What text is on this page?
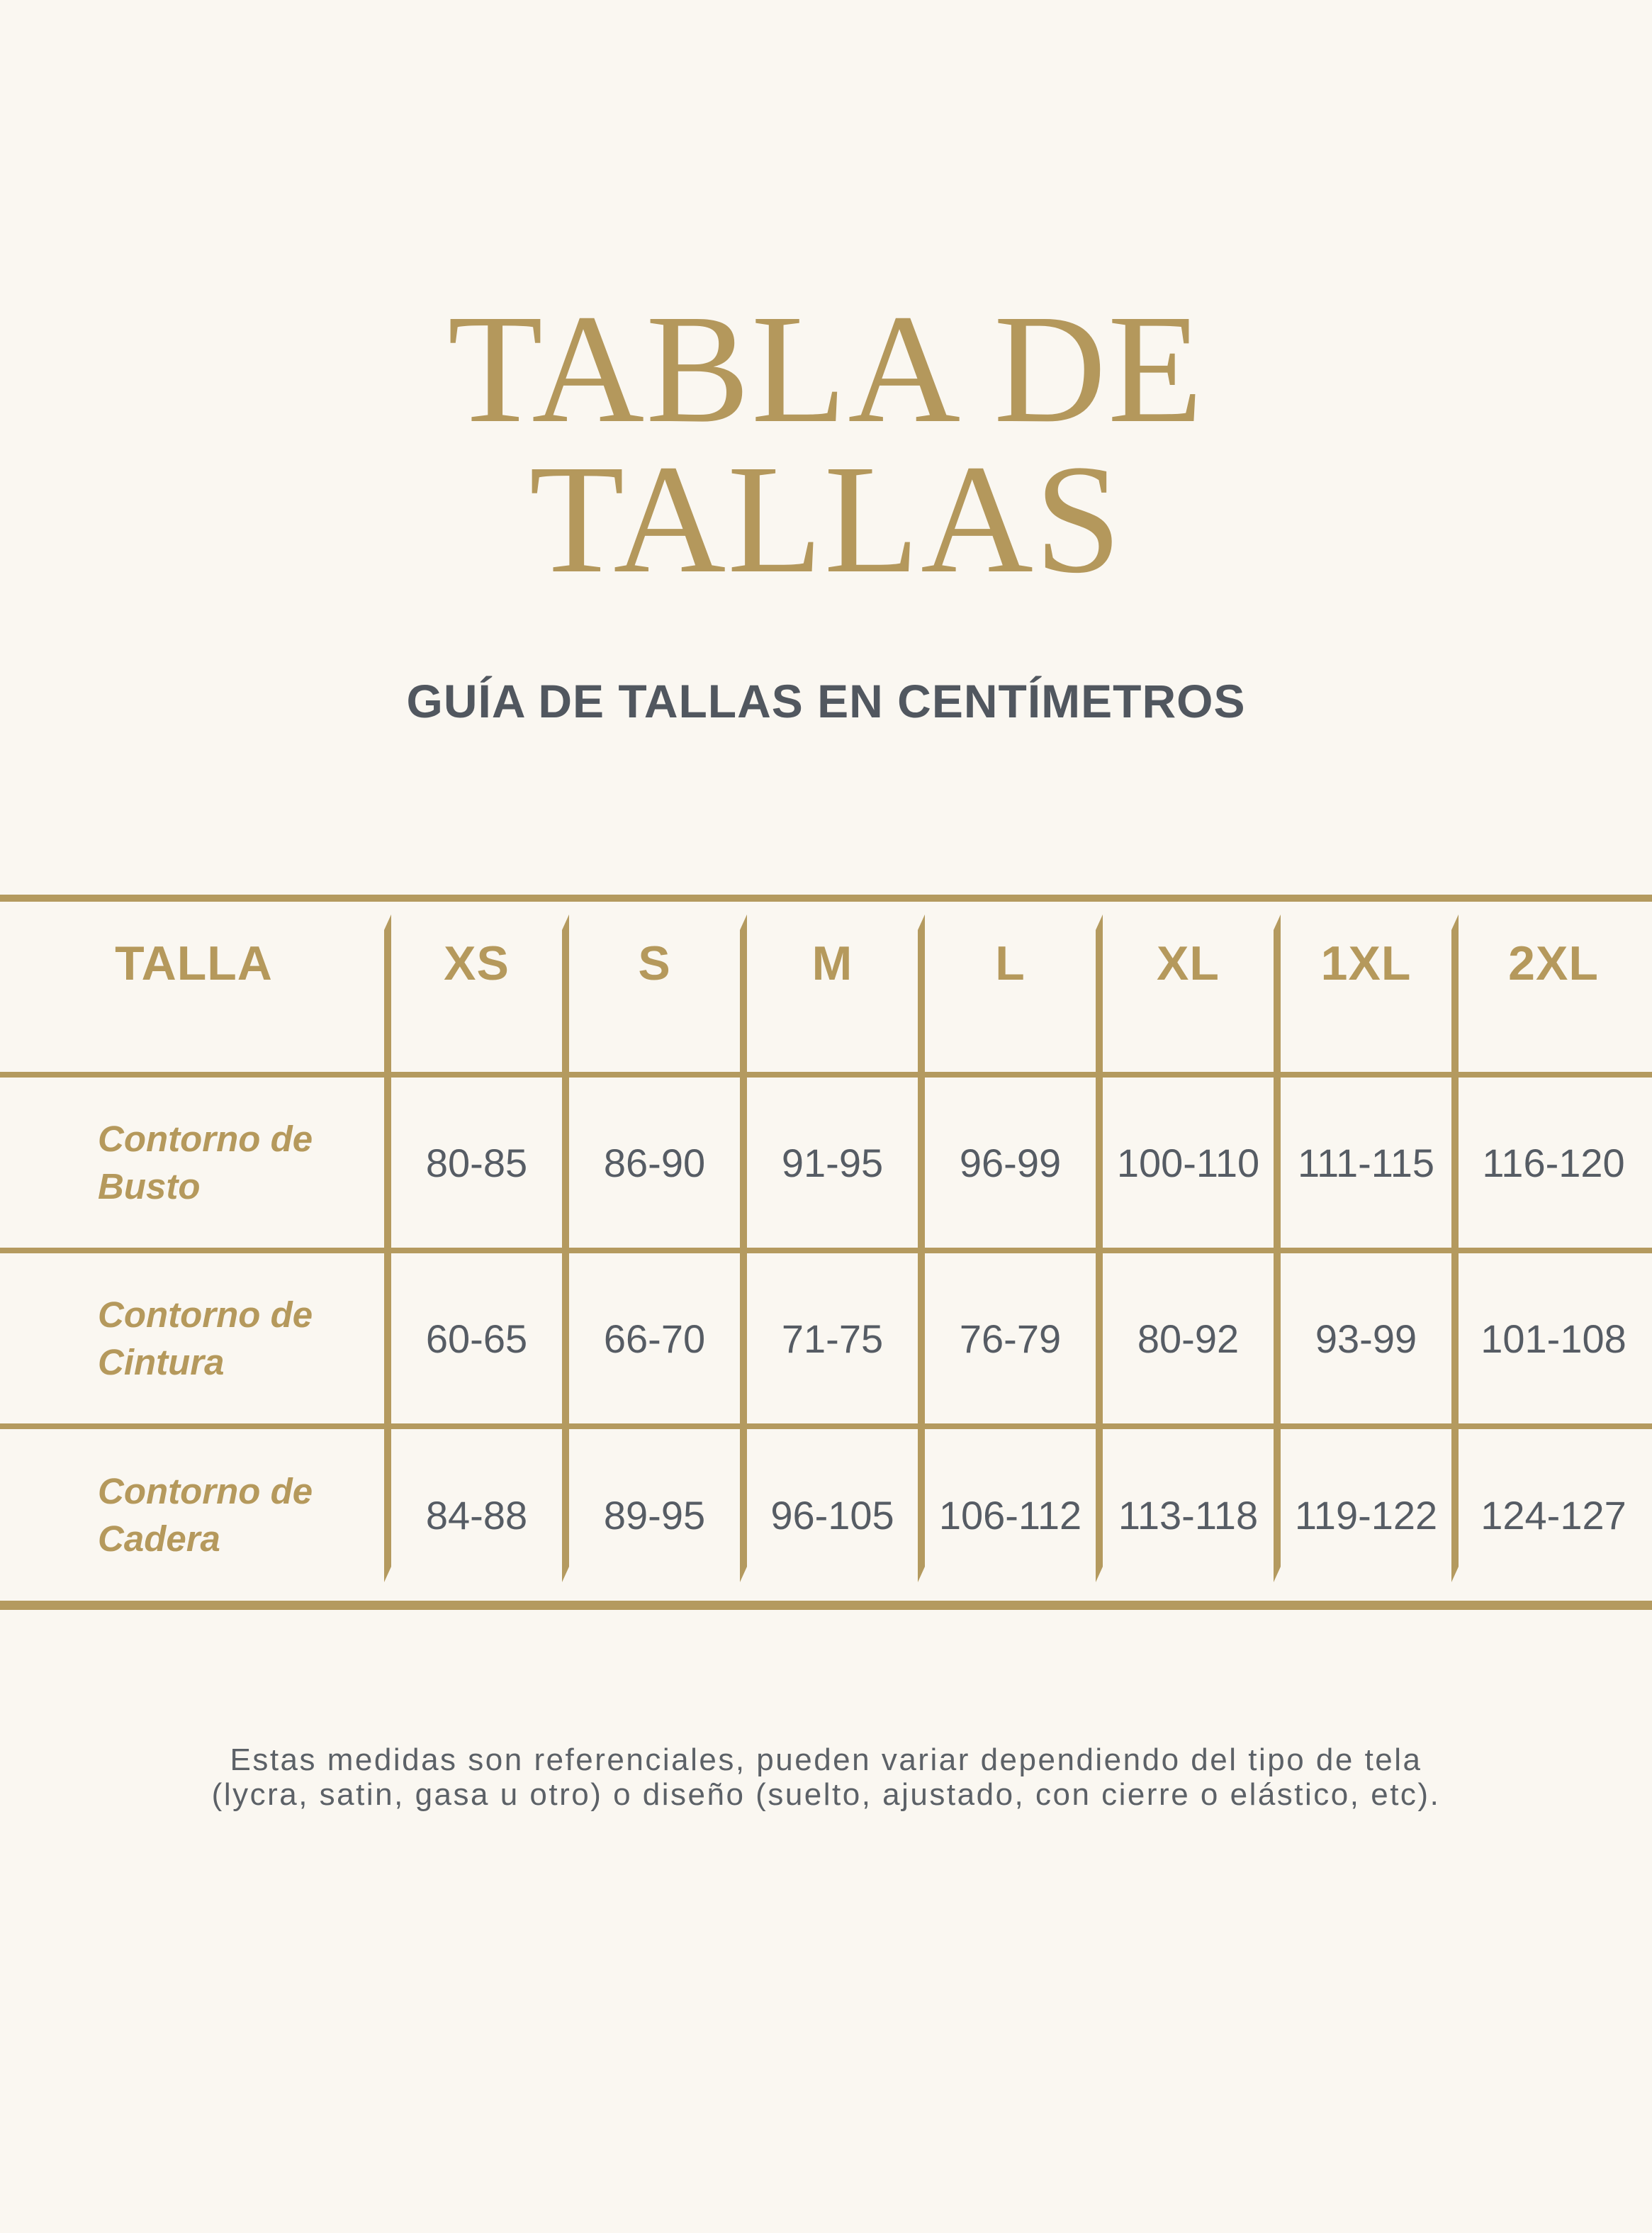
TABLA DE
TALLAS
GUÍA DE TALLAS EN CENTÍMETROS
TALLA	XS	S	M	L	XL 1XL 2XL
Contorno de
Busto
80-85 86-90 91-95 96-99 100-110 111-115 116-120
Contorno de
Cintura
60-65 66-70 71-75 76-79 80-92 93-99 101-108
Contorno de
Cadera
84-88 89-95 96-105 106-112 113-118 119-122 124-127
Estas medidas son referenciales, pueden variar dependiendo del tipo de tela
(lycra, satin, gasa u otro) o diseño (suelto, ajustado, con cierre o elástico, etc).
